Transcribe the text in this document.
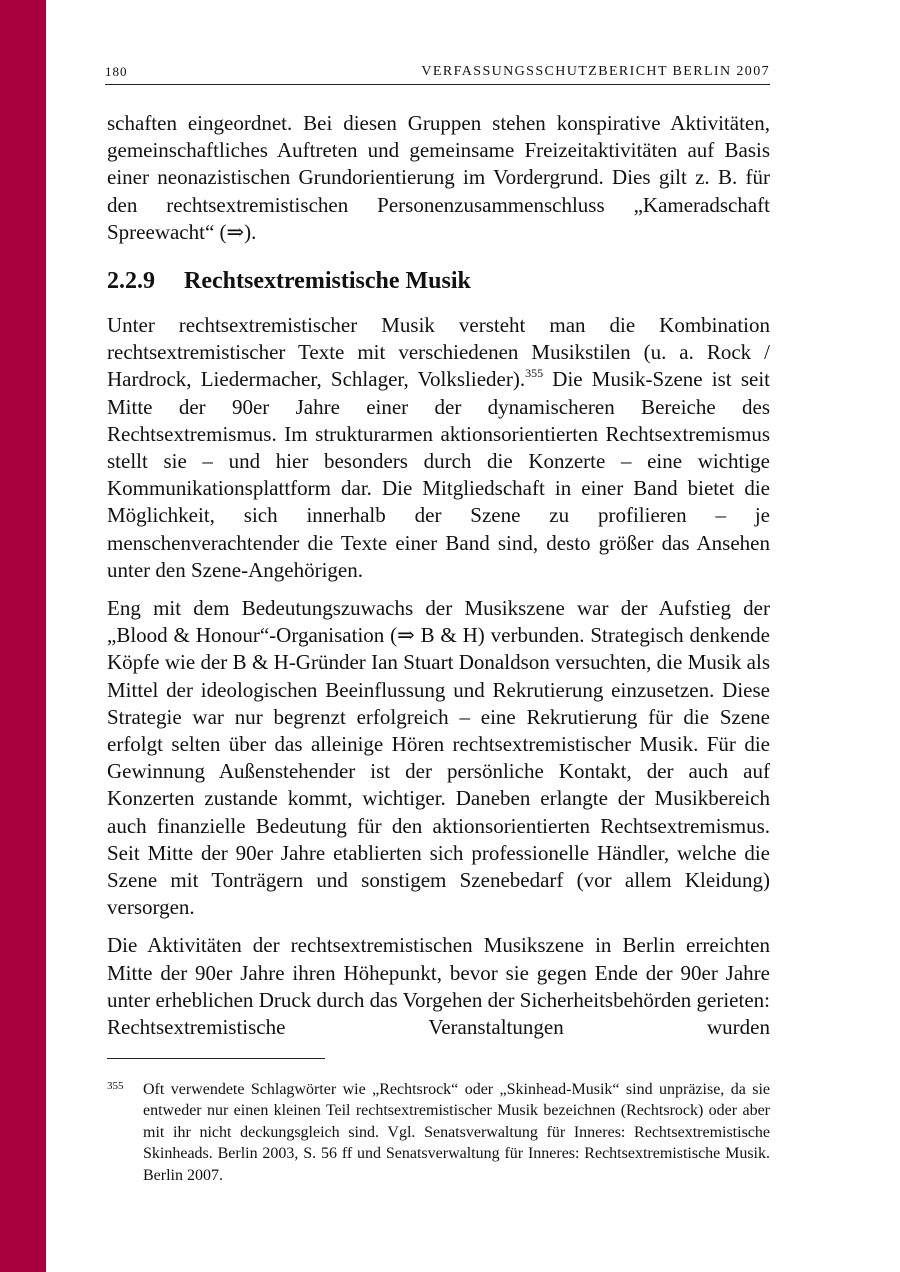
180	VERFASSUNGSSCHUTZBERICHT BERLIN 2007

schaften eingeordnet. Bei diesen Gruppen stehen konspirative Aktivitäten, gemeinschaftliches Auftreten und gemeinsame Freizeitaktivitäten auf Basis einer neonazistischen Grundorientierung im Vordergrund. Dies gilt z. B. für den rechtsextremistischen Personenzusammenschluss „Kameradschaft Spreewacht“ (⇒).

2.2.9 Rechtsextremistische Musik

Unter rechtsextremistischer Musik versteht man die Kombination rechtsextremistischer Texte mit verschiedenen Musikstilen (u. a. Rock / Hardrock, Liedermacher, Schlager, Volkslieder).$^{355}$ Die Musik-Szene ist seit Mitte der 90er Jahre einer der dynamischeren Bereiche des Rechtsextremismus. Im strukturarmen aktionsorientierten Rechtsextremismus stellt sie – und hier besonders durch die Konzerte – eine wichtige Kommunikationsplattform dar. Die Mitgliedschaft in einer Band bietet die Möglichkeit, sich innerhalb der Szene zu profilieren – je menschenverachtender die Texte einer Band sind, desto größer das Ansehen unter den Szene-Angehörigen.

Eng mit dem Bedeutungszuwachs der Musikszene war der Aufstieg der „Blood & Honour“-Organisation (⇒ B & H) verbunden. Strategisch denkende Köpfe wie der B & H-Gründer Ian Stuart Donaldson versuchten, die Musik als Mittel der ideologischen Beeinflussung und Rekrutierung einzusetzen. Diese Strategie war nur begrenzt erfolgreich – eine Rekrutierung für die Szene erfolgt selten über das alleinige Hören rechtsextremistischer Musik. Für die Gewinnung Außenstehender ist der persönliche Kontakt, der auch auf Konzerten zustande kommt, wichtiger. Daneben erlangte der Musikbereich auch finanzielle Bedeutung für den aktionsorientierten Rechtsextremismus. Seit Mitte der 90er Jahre etablierten sich professionelle Händler, welche die Szene mit Tonträgern und sonstigem Szenebedarf (vor allem Kleidung) versorgen.

Die Aktivitäten der rechtsextremistischen Musikszene in Berlin erreichten Mitte der 90er Jahre ihren Höhepunkt, bevor sie gegen Ende der 90er Jahre unter erheblichen Druck durch das Vorgehen der Sicherheitsbehörden gerieten: Rechtsextremistische Veranstaltungen wurden

355 Oft verwendete Schlagwörter wie „Rechtsrock“ oder „Skinhead-Musik“ sind unpräzise, da sie entweder nur einen kleinen Teil rechtsextremistischer Musik bezeichnen (Rechtsrock) oder aber mit ihr nicht deckungsgleich sind. Vgl. Senatsverwaltung für Inneres: Rechtsextremistische Skinheads. Berlin 2003, S. 56 ff und Senatsverwaltung für Inneres: Rechtsextremistische Musik. Berlin 2007.
